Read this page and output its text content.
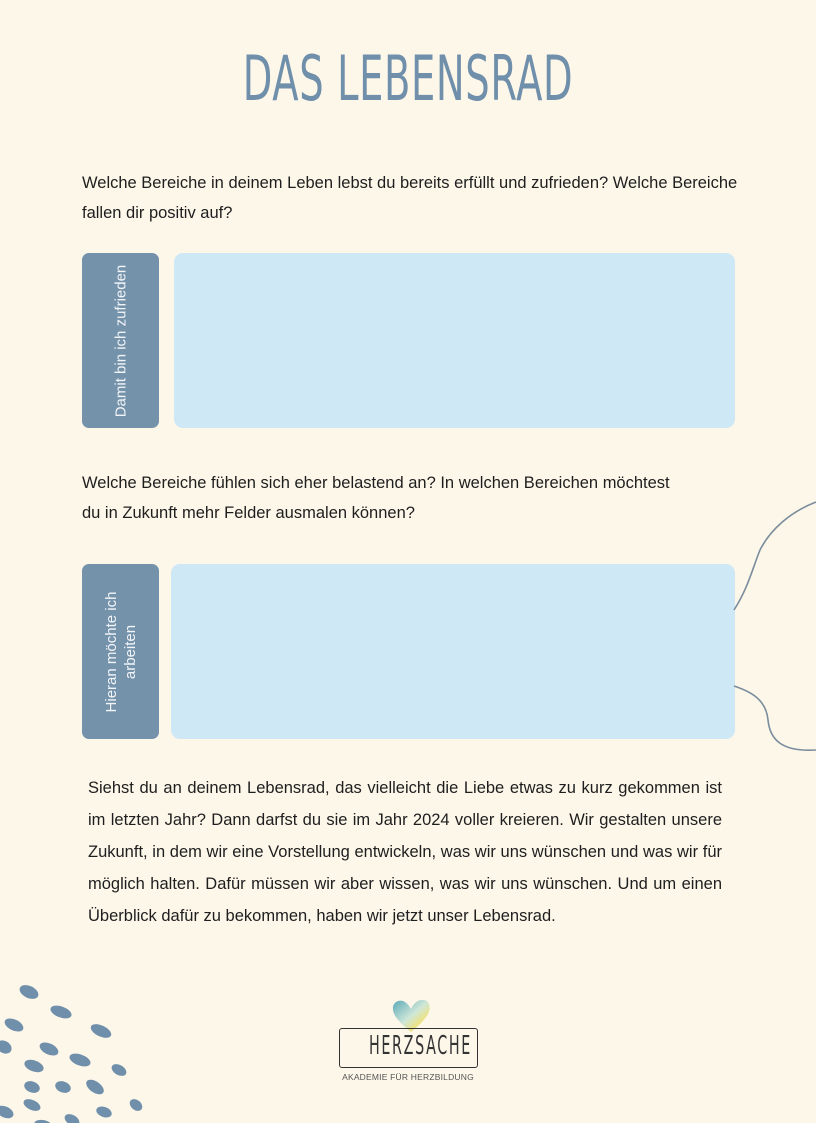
DAS LEBENSRAD
Welche Bereiche in deinem Leben lebst du bereits erfüllt und zufrieden? Welche Bereiche fallen dir positiv auf?
Damit bin ich zufrieden
Welche Bereiche fühlen sich eher belastend an? In welchen Bereichen möchtest du in Zukunft mehr Felder ausmalen können?
Hieran möchte ich arbeiten
Siehst du an deinem Lebensrad, das vielleicht die Liebe etwas zu kurz gekommen ist im letzten Jahr? Dann darfst du sie im Jahr 2024 voller kreieren. Wir gestalten unsere Zukunft, in dem wir eine Vorstellung entwickeln, was wir uns wünschen und was wir für möglich halten. Dafür müssen wir aber wissen, was wir uns wünschen. Und um einen Überblick dafür zu bekommen, haben wir jetzt unser Lebensrad.
HERZSACHE
AKADEMIE FÜR HERZBILDUNG
